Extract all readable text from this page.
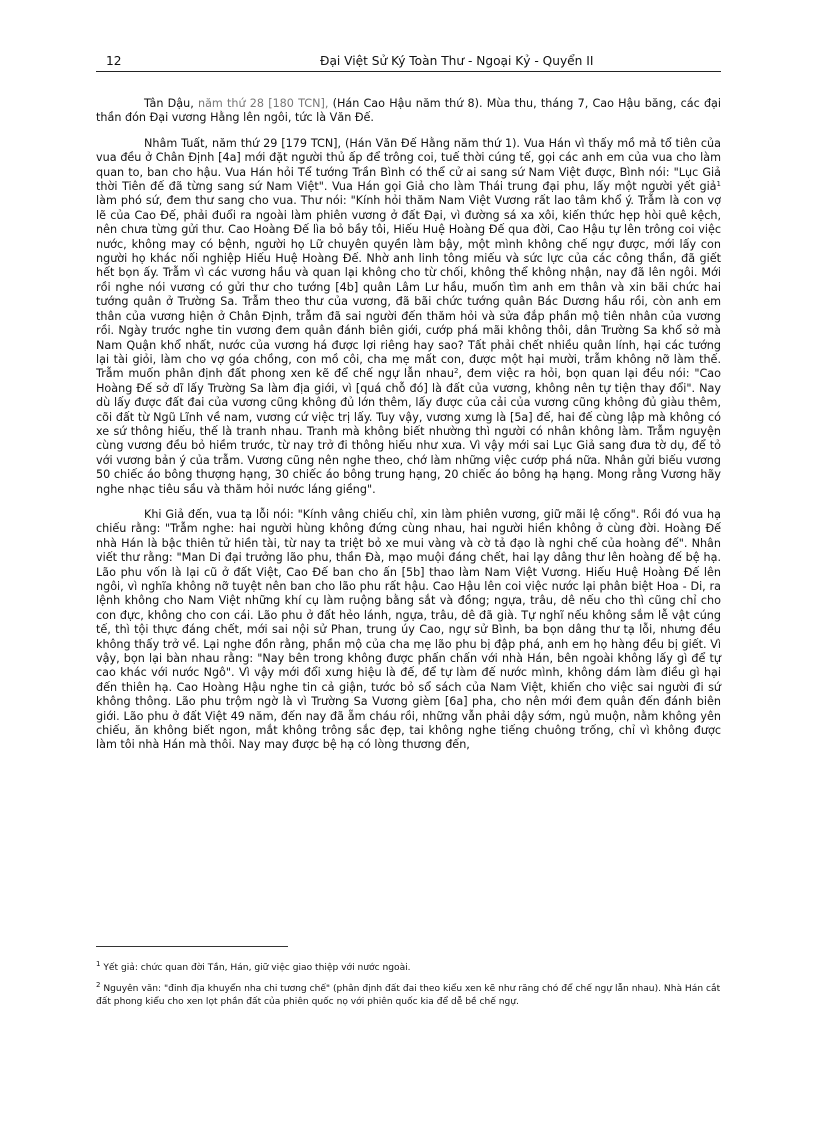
12	Đại Việt Sử Ký Toàn Thư - Ngoại Kỷ - Quyển II

Tân Dậu, năm thứ 28 [180 TCN], (Hán Cao Hậu năm thứ 8). Mùa thu, tháng 7, Cao Hậu băng, các đại thần đón Đại vương Hằng lên ngôi, tức là Văn Đế.

Nhâm Tuất, năm thứ 29 [179 TCN], (Hán Văn Đế Hằng năm thứ 1). Vua Hán vì thấy mồ mả tổ tiên của vua đều ở Chân Định [4a] mới đặt người thủ ấp để trông coi, tuế thời cúng tế, gọi các anh em của vua cho làm quan to, ban cho hậu. Vua Hán hỏi Tể tướng Trần Bình có thể cử ai sang sứ Nam Việt được, Bình nói: "Lục Giả thời Tiên đế đã từng sang sứ Nam Việt". Vua Hán gọi Giả cho làm Thái trung đại phu, lấy một người yết giả$^1$ làm phó sứ, đem thư sang cho vua. Thư nói: "Kính hỏi thăm Nam Việt Vương rất lao tâm khổ ý. Trẫm là con vợ lẽ của Cao Đế, phải đuổi ra ngoài làm phiên vương ở đất Đại, vì đường sá xa xôi, kiến thức hẹp hòi quê kệch, nên chưa từng gửi thư. Cao Hoàng Đế lìa bỏ bầy tôi, Hiếu Huệ Hoàng Đế qua đời, Cao Hậu tự lên trông coi việc nước, không may có bệnh, người họ Lữ chuyên quyền làm bậy, một mình không chế ngự được, mới lấy con người họ khác nối nghiệp Hiếu Huệ Hoàng Đế. Nhờ anh linh tông miếu và sức lực của các công thần, đã giết hết bọn ấy. Trẫm vì các vương hầu và quan lại không cho từ chối, không thể không nhận, nay đã lên ngôi. Mới rồi nghe nói vương có gửi thư cho tướng [4b] quân Lâm Lư hầu, muốn tìm anh em thân và xin bãi chức hai tướng quân ở Trường Sa. Trẫm theo thư của vương, đã bãi chức tướng quân Bác Dương hầu rồi, còn anh em thân của vương hiện ở Chân Định, trẫm đã sai người đến thăm hỏi và sửa đắp phần mộ tiên nhân của vương rồi. Ngày trước nghe tin vương đem quân đánh biên giới, cướp phá mãi không thôi, dân Trường Sa khổ sở mà Nam Quận khổ nhất, nước của vương há được lợi riêng hay sao? Tất phải chết nhiều quân lính, hại các tướng lại tài giỏi, làm cho vợ góa chồng, con mồ côi, cha mẹ mất con, được một hại mười, trẫm không nỡ làm thế. Trẫm muốn phân định đất phong xen kẽ để chế ngự lẫn nhau$^2$, đem việc ra hỏi, bọn quan lại đều nói: "Cao Hoàng Đế sở dĩ lấy Trường Sa làm địa giới, vì [quá chỗ đó] là đất của vương, không nên tự tiện thay đổi". Nay dù lấy được đất đai của vương cũng không đủ lớn thêm, lấy được của cải của vương cũng không đủ giàu thêm, cõi đất từ Ngũ Lĩnh về nam, vương cứ việc trị lấy. Tuy vậy, vương xưng là [5a] đế, hai đế cùng lập mà không có xe sứ thông hiếu, thế là tranh nhau. Tranh mà không biết nhường thì người có nhân không làm. Trẫm nguyện cùng vương đều bỏ hiềm trước, từ nay trở đi thông hiếu như xưa. Vì vậy mới sai Lục Giả sang đưa tờ dụ, để tỏ với vương bản ý của trẫm. Vương cũng nên nghe theo, chớ làm những việc cướp phá nữa. Nhân gửi biếu vương 50 chiếc áo bông thượng hạng, 30 chiếc áo bông trung hạng, 20 chiếc áo bông hạ hạng. Mong rằng Vương hãy nghe nhạc tiêu sầu và thăm hỏi nước láng giềng".

Khi Giả đến, vua tạ lỗi nói: "Kính vâng chiếu chỉ, xin làm phiên vương, giữ mãi lệ cống". Rồi đó vua hạ chiếu rằng: "Trẫm nghe: hai người hùng không đứng cùng nhau, hai người hiền không ở cùng đời. Hoàng Đế nhà Hán là bậc thiên tử hiền tài, từ nay ta triệt bỏ xe mui vàng và cờ tả đạo là nghi chế của hoàng đế". Nhân viết thư rằng: "Man Di đại trưởng lão phu, thần Đà, mạo muội đáng chết, hai lạy dâng thư lên hoàng đế bệ hạ. Lão phu vốn là lại cũ ở đất Việt, Cao Đế ban cho ấn [5b] thao làm Nam Việt Vương. Hiếu Huệ Hoàng Đế lên ngôi, vì nghĩa không nỡ tuyệt nên ban cho lão phu rất hậu. Cao Hậu lên coi việc nước lại phân biệt Hoa - Di, ra lệnh không cho Nam Việt những khí cụ làm ruộng bằng sắt và đồng; ngựa, trâu, dê nếu cho thì cũng chỉ cho con đực, không cho con cái. Lão phu ở đất hẻo lánh, ngựa, trâu, dê đã già. Tự nghĩ nếu không sắm lễ vật cúng tế, thì tội thực đáng chết, mới sai nội sử Phan, trung úy Cao, ngự sử Bình, ba bọn dâng thư tạ lỗi, nhưng đều không thấy trở về. Lại nghe đồn rằng, phần mộ của cha mẹ lão phu bị đập phá, anh em họ hàng đều bị giết. Vì vậy, bọn lại bàn nhau rằng: "Nay bên trong không được phấn chấn với nhà Hán, bên ngoài không lấy gì để tự cao khác với nước Ngô". Vì vậy mới đổi xưng hiệu là đế, để tự làm đế nước mình, không dám làm điều gì hại đến thiên hạ. Cao Hoàng Hậu nghe tin cả giận, tước bỏ sổ sách của Nam Việt, khiến cho việc sai người đi sứ không thông. Lão phu trộm ngờ là vì Trường Sa Vương gièm [6a] pha, cho nên mới đem quân đến đánh biên giới. Lão phu ở đất Việt 49 năm, đến nay đã ẵm cháu rồi, những vẫn phải dậy sớm, ngủ muộn, nằm không yên chiếu, ăn không biết ngon, mắt không trông sắc đẹp, tai không nghe tiếng chuông trống, chỉ vì không được làm tôi nhà Hán mà thôi. Nay may được bệ hạ có lòng thương đến,

$^1$ Yết giả: chức quan đời Tần, Hán, giữ việc giao thiệp với nước ngoài.

$^2$ Nguyên văn: "đinh địa khuyển nha chi tương chế" (phân định đất đai theo kiểu xen kẽ như răng chó để chế ngự lẫn nhau). Nhà Hán cắt đất phong kiểu cho xen lọt phần đất của phiên quốc nọ với phiên quốc kia để dễ bề chế ngự.
